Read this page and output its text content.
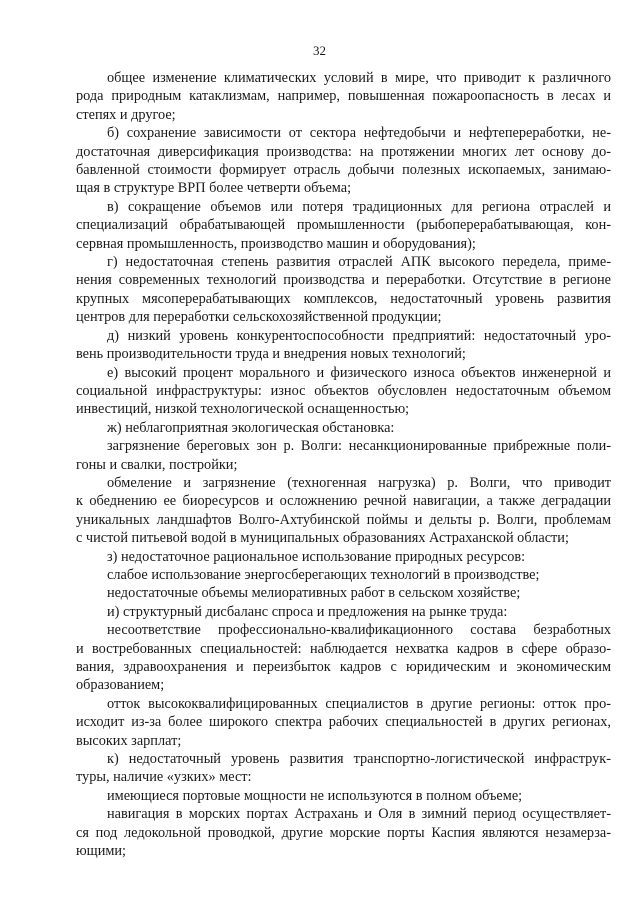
32
общее изменение климатических условий в мире, что приводит к различного
рода природным катаклизмам, например, повышенная пожароопасность в лесах и
степях и другое;
б) сохранение зависимости от сектора нефтедобычи и нефтепереработки, не-
достаточная диверсификация производства: на протяжении многих лет основу до-
бавленной стоимости формирует отрасль добычи полезных ископаемых, занимаю-
щая в структуре ВРП более четверти объема;
в) сокращение объемов или потеря традиционных для региона отраслей и
специализаций обрабатывающей промышленности (рыбоперерабатывающая, кон-
сервная промышленность, производство машин и оборудования);
г) недостаточная степень развития отраслей АПК высокого передела, приме-
нения современных технологий производства и переработки. Отсутствие в регионе
крупных мясоперерабатывающих комплексов, недостаточный уровень развития
центров для переработки сельскохозяйственной продукции;
д) низкий уровень конкурентоспособности предприятий: недостаточный уро-
вень производительности труда и внедрения новых технологий;
е) высокий процент морального и физического износа объектов инженерной и
социальной инфраструктуры: износ объектов обусловлен недостаточным объемом
инвестиций, низкой технологической оснащенностью;
ж) неблагоприятная экологическая обстановка:
загрязнение береговых зон р. Волги: несанкционированные прибрежные поли-
гоны и свалки, постройки;
обмеление и загрязнение (техногенная нагрузка) р. Волги, что приводит
к обеднению ее биоресурсов и осложнению речной навигации, а также деградации
уникальных ландшафтов Волго-Ахтубинской поймы и дельты р. Волги, проблемам
с чистой питьевой водой в муниципальных образованиях Астраханской области;
з) недостаточное рациональное использование природных ресурсов:
слабое использование энергосберегающих технологий в производстве;
недостаточные объемы мелиоративных работ в сельском хозяйстве;
и) структурный дисбаланс спроса и предложения на рынке труда:
несоответствие профессионально-квалификационного состава безработных
и востребованных специальностей: наблюдается нехватка кадров в сфере образо-
вания, здравоохранения и переизбыток кадров с юридическим и экономическим
образованием;
отток высококвалифицированных специалистов в другие регионы: отток про-
исходит из-за более широкого спектра рабочих специальностей в других регионах,
высоких зарплат;
к) недостаточный уровень развития транспортно-логистической инфраструк-
туры, наличие «узких» мест:
имеющиеся портовые мощности не используются в полном объеме;
навигация в морских портах Астрахань и Оля в зимний период осуществляет-
ся под ледокольной проводкой, другие морские порты Каспия являются незамерза-
ющими;
